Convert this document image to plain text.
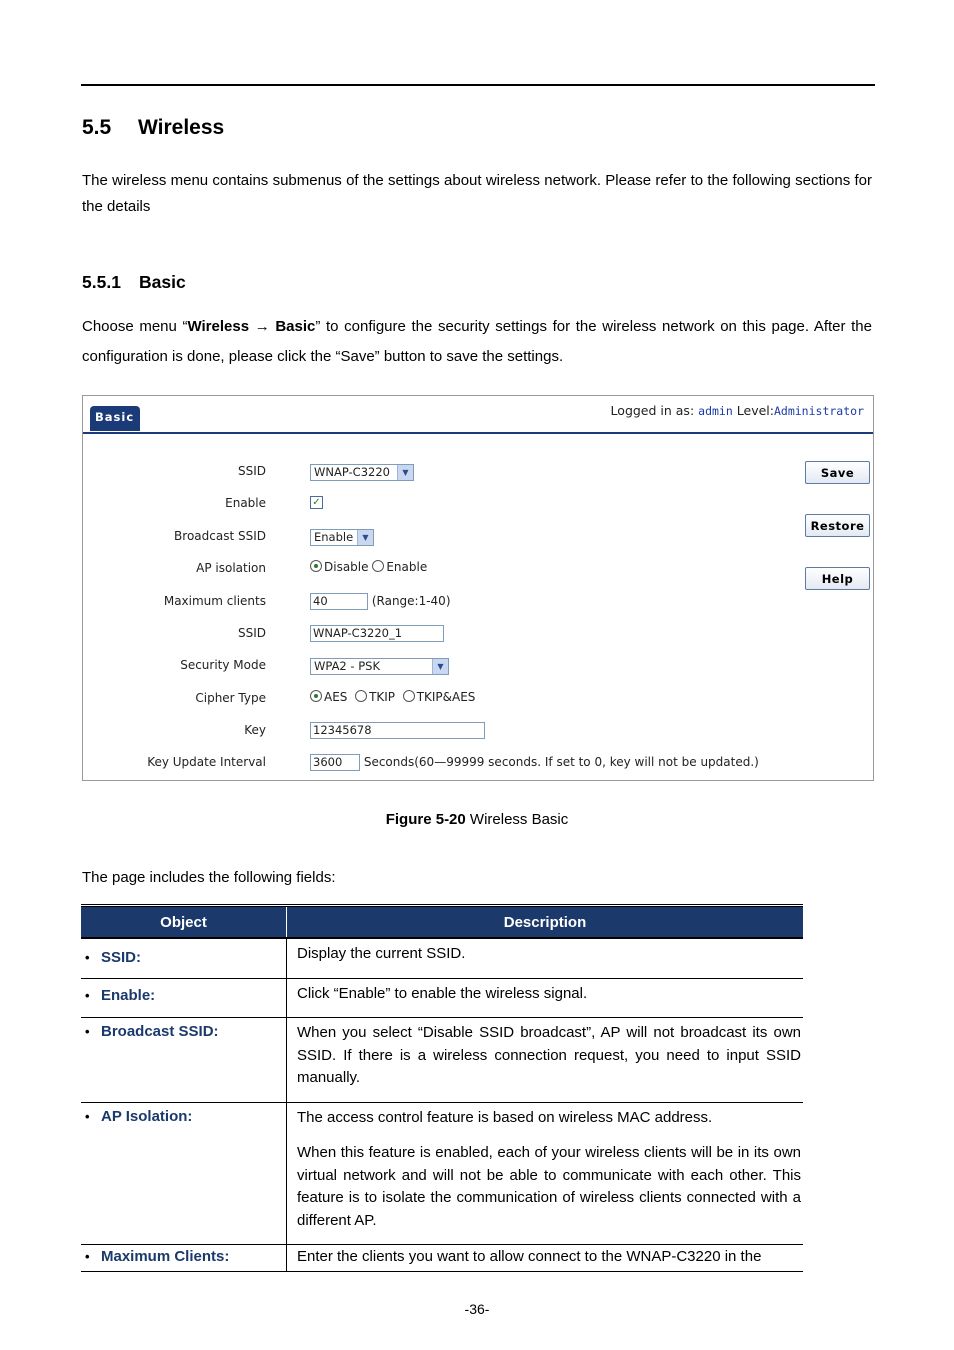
5.5 Wireless
The wireless menu contains submenus of the settings about wireless network. Please refer to the following sections for the details
5.5.1 Basic
Choose menu “Wireless → Basic” to configure the security settings for the wireless network on this page. After the configuration is done, please click the “Save” button to save the settings.
Basic	Logged in as: admin Level:Administrator
SSID	WNAP-C3220	▼
Enable	✓
Broadcast SSID	Enable	▼
AP isolation	Disable Enable
Maximum clients	40	(Range:1-40)
SSID	WNAP-C3220_1
Security Mode	WPA2 - PSK	▼
Cipher Type	AES TKIP TKIP&AES
Key	12345678
Key Update Interval	3600 Seconds(60—99999 seconds. If set to 0, key will not be updated.)
Save
Restore
Help
Figure 5-20 Wireless Basic
The page includes the following fields:
Object	Description
• SSID:	Display the current SSID.

• Enable:	Click “Enable” to enable the wireless signal.

• Broadcast SSID:	When you select “Disable SSID broadcast”, AP will not broadcast its own SSID. If there is a wireless connection request, you need to input SSID manually.

• AP Isolation:	The access control feature is based on wireless MAC address.

When this feature is enabled, each of your wireless clients will be in its own virtual network and will not be able to communicate with each other. This feature is to isolate the communication of wireless clients connected with a different AP.

• Maximum Clients:	Enter the clients you want to allow connect to the WNAP-C3220 in the

-36-
